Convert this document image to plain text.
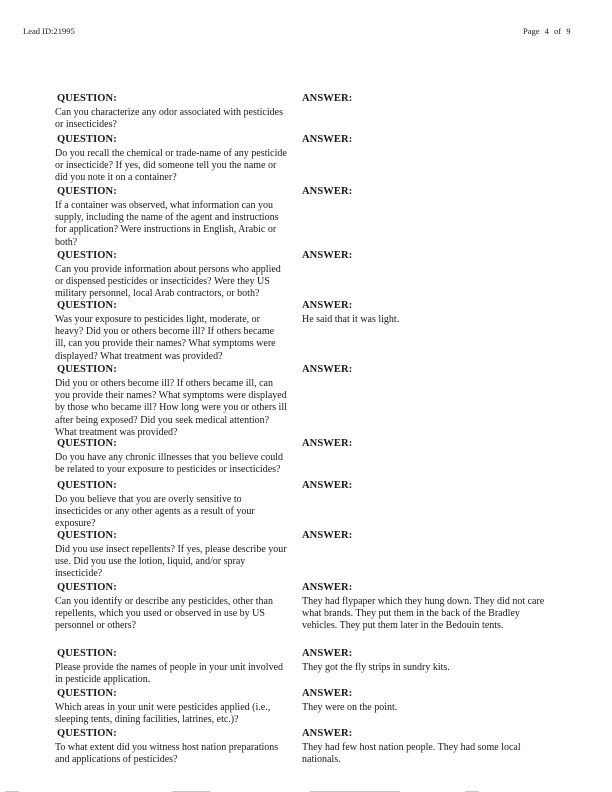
Lead ID:21995	Page 4 of 9
QUESTION:
Can you characterize any odor associated with pesticides or insecticides?
ANSWER:
QUESTION:
Do you recall the chemical or trade-name of any pesticide or insecticide? If yes, did someone tell you the name or did you note it on a container?
ANSWER:
QUESTION:
If a container was observed, what information can you supply, including the name of the agent and instructions for application? Were instructions in English, Arabic or both?
ANSWER:
QUESTION:
Can you provide information about persons who applied or dispensed pesticides or insecticides? Were they US military personnel, local Arab contractors, or both?
ANSWER:
QUESTION:
Was your exposure to pesticides light, moderate, or heavy? Did you or others become ill? If others became ill, can you provide their names? What symptoms were displayed? What treatment was provided?
ANSWER:
He said that it was light.
QUESTION:
Did you or others become ill? If others became ill, can you provide their names? What symptoms were displayed by those who became ill? How long were you or others ill after being exposed? Did you seek medical attention? What treatment was provided?
ANSWER:
QUESTION:
Do you have any chronic illnesses that you believe could be related to your exposure to pesticides or insecticides?
ANSWER:
QUESTION:
Do you believe that you are overly sensitive to insecticides or any other agents as a result of your exposure?
ANSWER:
QUESTION:
Did you use insect repellents? If yes, please describe your use. Did you use the lotion, liquid, and/or spray insecticide?
ANSWER:
QUESTION:
Can you identify or describe any pesticides, other than repellents, which you used or observed in use by US personnel or others?
ANSWER:
They had flypaper which they hung down. They did not care what brands. They put them in the back of the Bradley vehicles. They put them later in the Bedouin tents.
QUESTION:
Please provide the names of people in your unit involved in pesticide application.
ANSWER:
They got the fly strips in sundry kits.
QUESTION:
Which areas in your unit were pesticides applied (i.e., sleeping tents, dining facilities, latrines, etc.)?
ANSWER:
They were on the point.
QUESTION:
To what extent did you witness host nation preparations and applications of pesticides?
ANSWER:
They had few host nation people. They had some local nationals.
